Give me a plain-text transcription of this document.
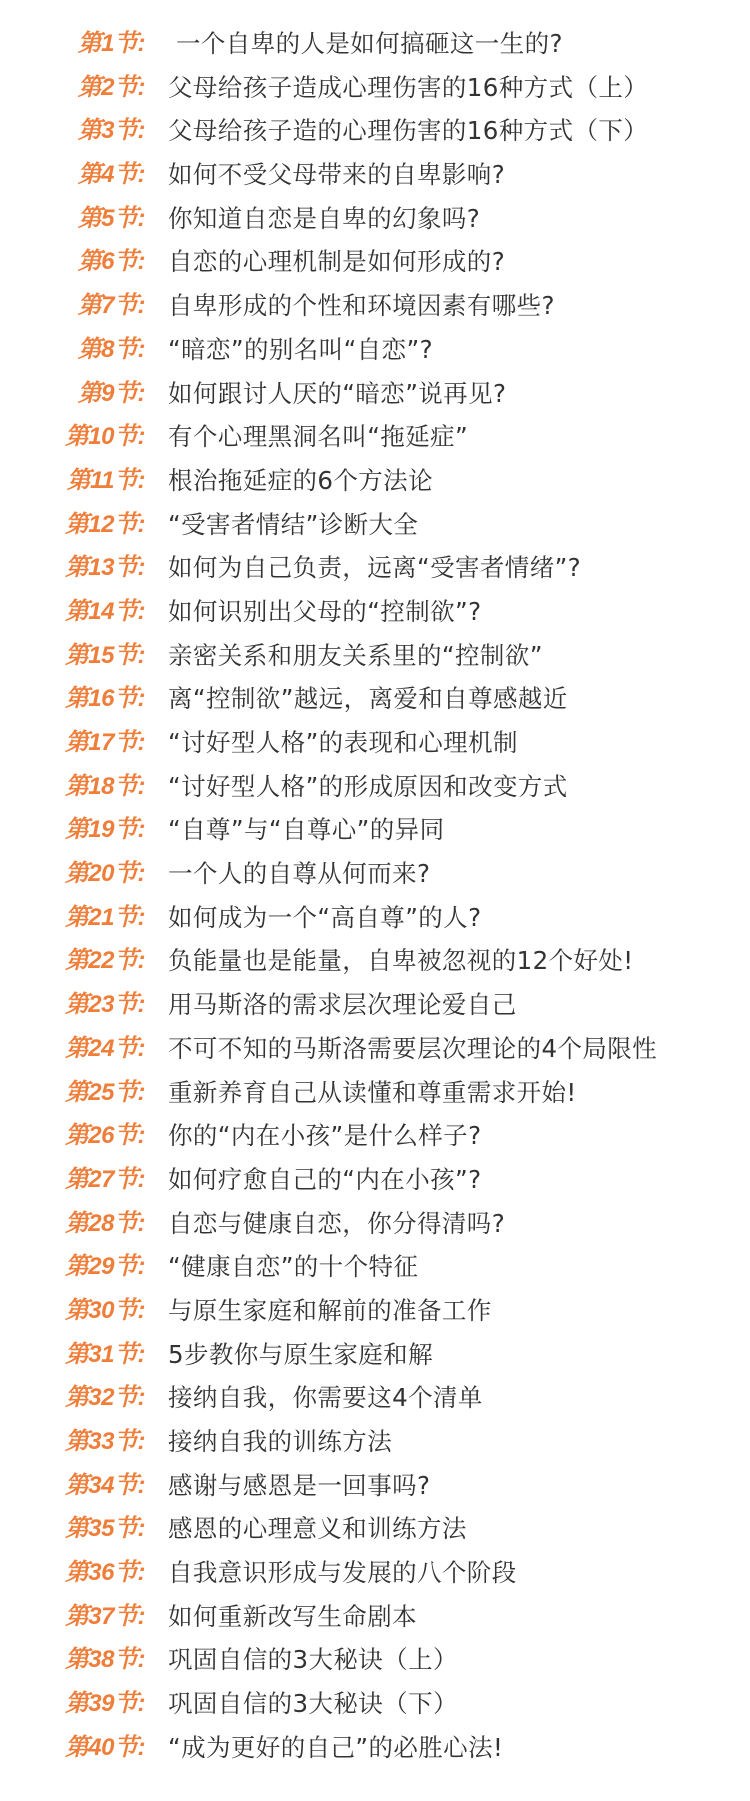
第1节: 一个自卑的人是如何搞砸这一生的?
第2节: 父母给孩子造成心理伤害的16种方式（上）
第3节: 父母给孩子造的心理伤害的16种方式（下）
第4节: 如何不受父母带来的自卑影响?
第5节: 你知道自恋是自卑的幻象吗?
第6节: 自恋的心理机制是如何形成的?
第7节: 自卑形成的个性和环境因素有哪些?
第8节: “暗恋”的别名叫“自恋”?
第9节: 如何跟讨人厌的“暗恋”说再见?
第10节: 有个心理黑洞名叫“拖延症”
第11节: 根治拖延症的6个方法论
第12节: “受害者情结”诊断大全
第13节: 如何为自己负责，远离“受害者情绪”?
第14节: 如何识别出父母的“控制欲”?
第15节: 亲密关系和朋友关系里的“控制欲”
第16节: 离“控制欲”越远，离爱和自尊感越近
第17节: “讨好型人格”的表现和心理机制
第18节: “讨好型人格”的形成原因和改变方式
第19节: “自尊”与“自尊心”的异同
第20节: 一个人的自尊从何而来?
第21节: 如何成为一个“高自尊”的人?
第22节: 负能量也是能量，自卑被忽视的12个好处!
第23节: 用马斯洛的需求层次理论爱自己
第24节: 不可不知的马斯洛需要层次理论的4个局限性
第25节: 重新养育自己从读懂和尊重需求开始!
第26节: 你的“内在小孩”是什么样子?
第27节: 如何疗愈自己的“内在小孩”?
第28节: 自恋与健康自恋，你分得清吗?
第29节: “健康自恋”的十个特征
第30节: 与原生家庭和解前的准备工作
第31节: 5步教你与原生家庭和解
第32节: 接纳自我，你需要这4个清单
第33节: 接纳自我的训练方法
第34节: 感谢与感恩是一回事吗?
第35节: 感恩的心理意义和训练方法
第36节: 自我意识形成与发展的八个阶段
第37节: 如何重新改写生命剧本
第38节: 巩固自信的3大秘诀（上）
第39节: 巩固自信的3大秘诀（下）
第40节: “成为更好的自己”的必胜心法!
